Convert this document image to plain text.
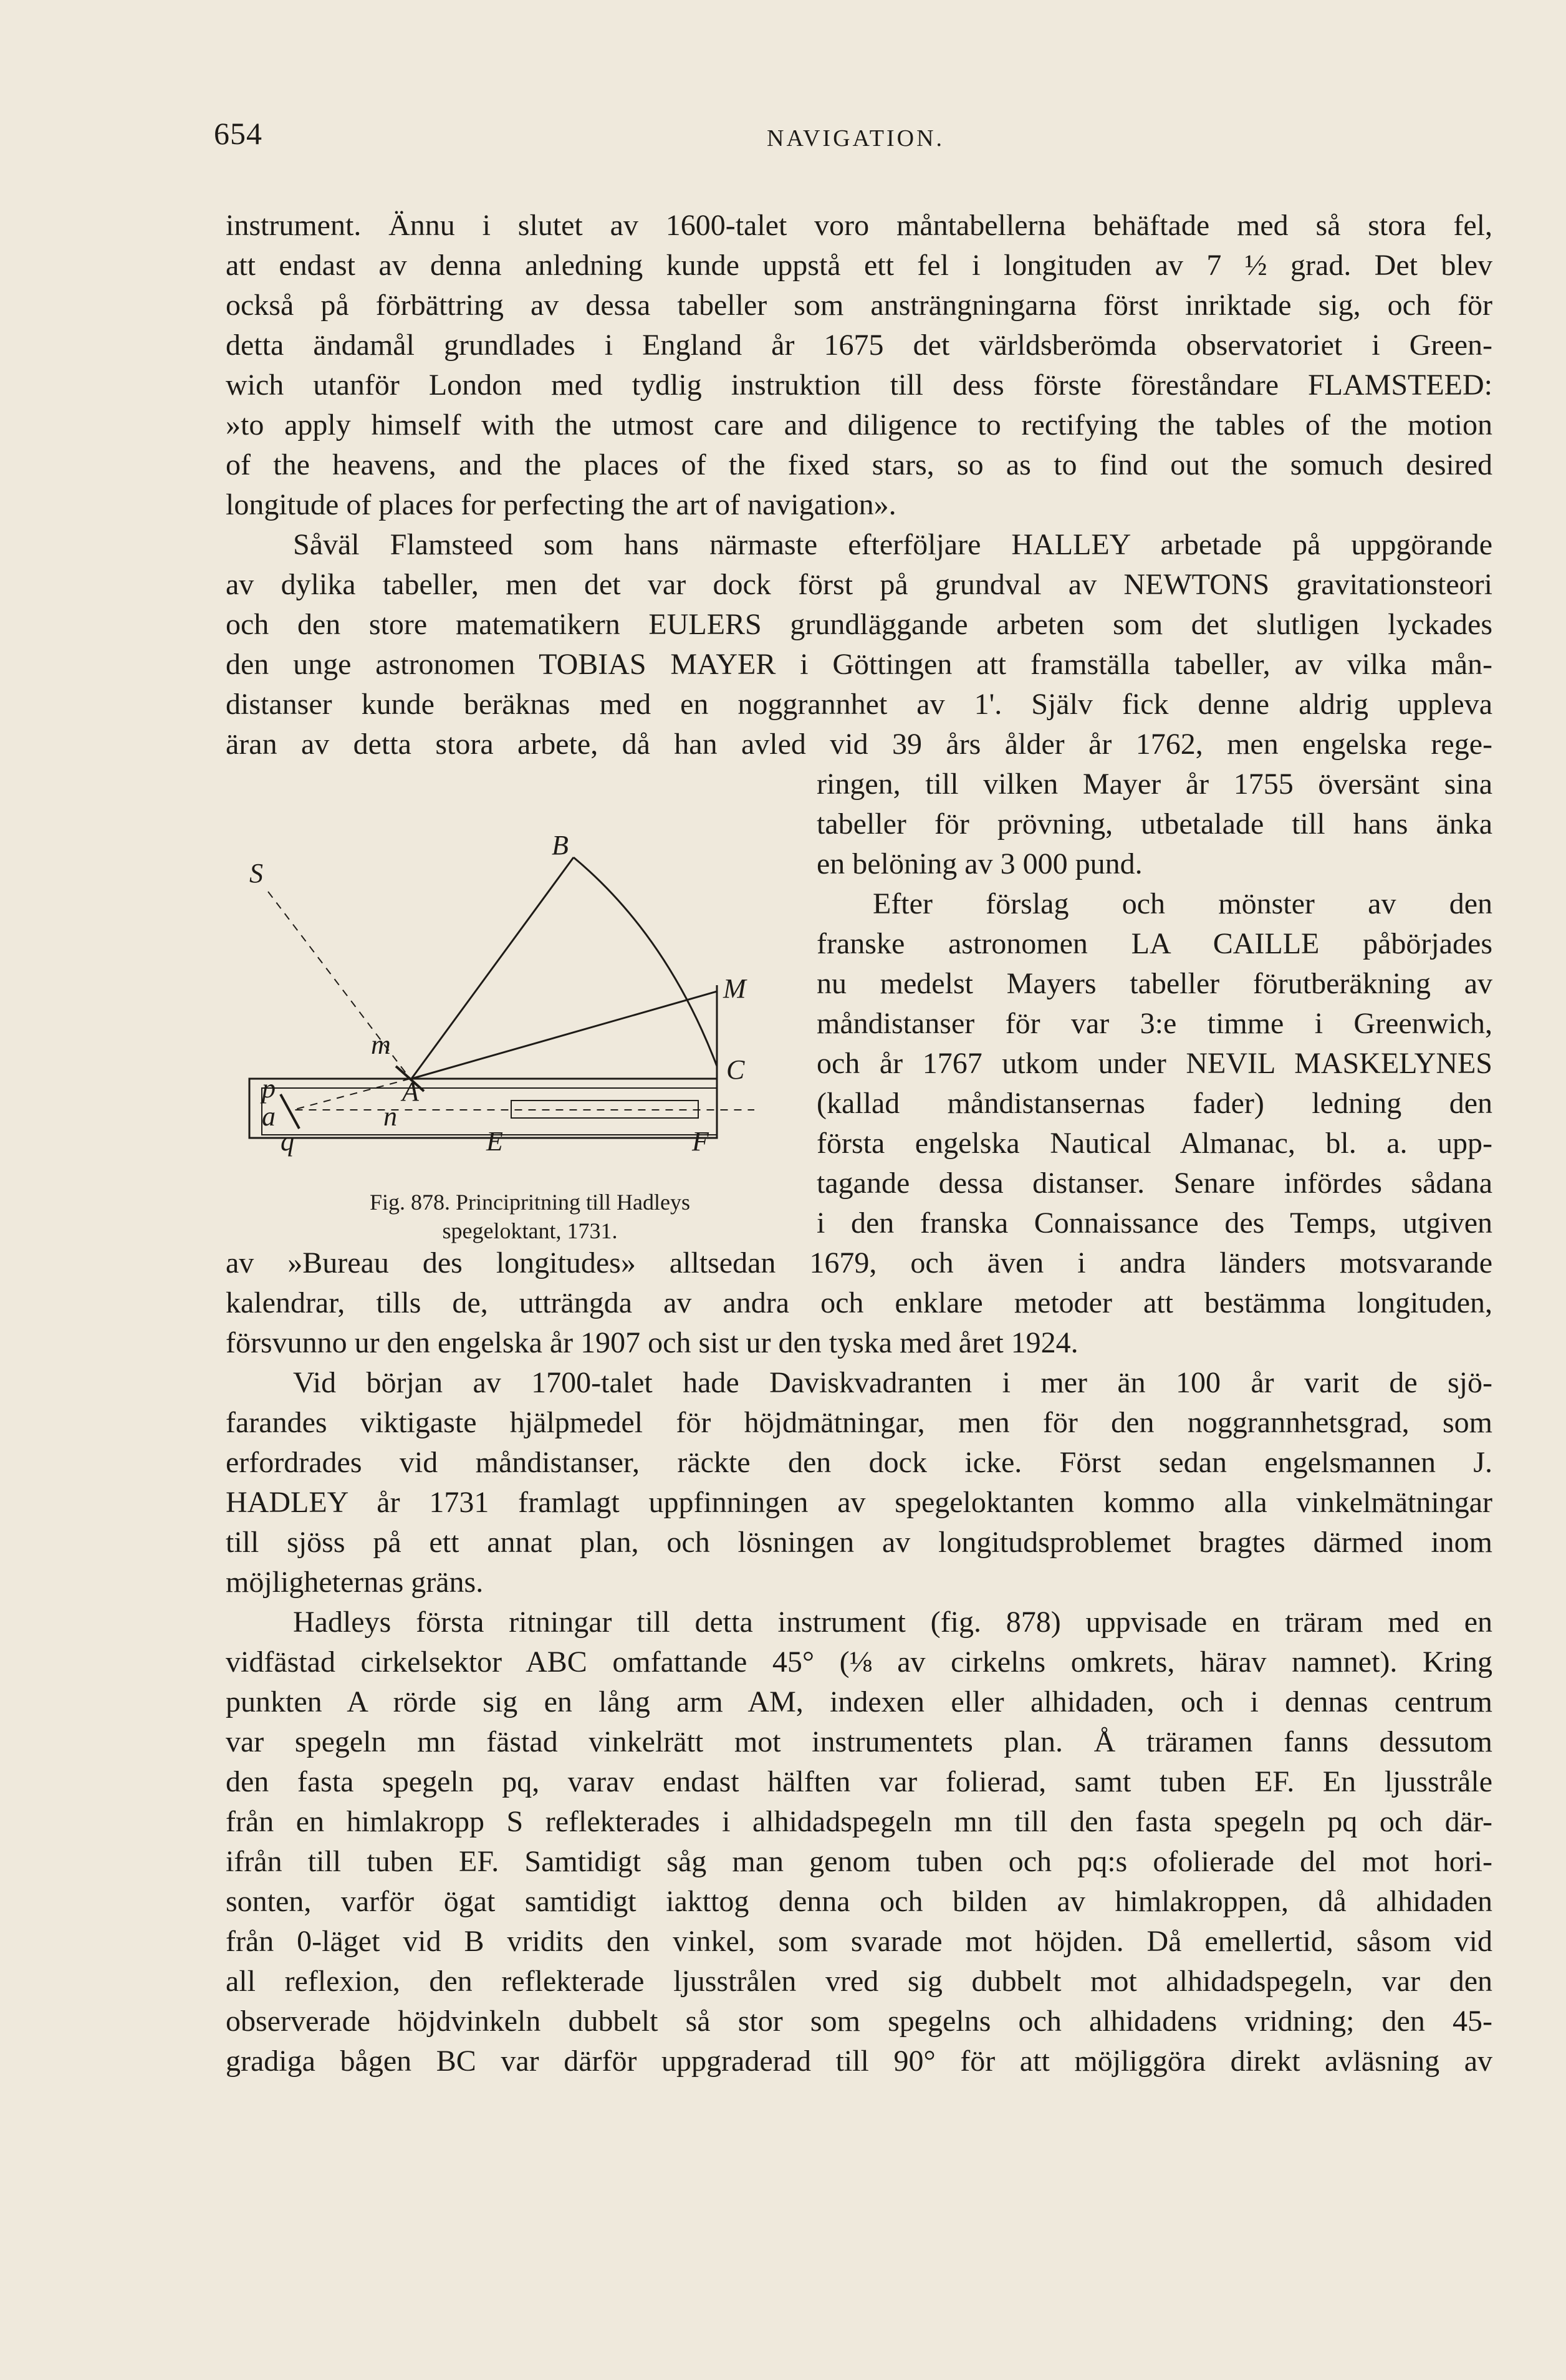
654	NAVIGATION.
instrument. Ännu i slutet av 1600-talet voro måntabellerna behäftade med så stora fel,
att endast av denna anledning kunde uppstå ett fel i longituden av 7 ½ grad. Det blev
också på förbättring av dessa tabeller som ansträngningarna först inriktade sig, och för
detta ändamål grundlades i England år 1675 det världsberömda observatoriet i Green-
wich utanför London med tydlig instruktion till dess förste föreståndare FLAMSTEED:
»to apply himself with the utmost care and diligence to rectifying the tables of the motion
of the heavens, and the places of the fixed stars, so as to find out the somuch desired
longitude of places for perfecting the art of navigation».
Såväl Flamsteed som hans närmaste efterföljare HALLEY arbetade på uppgörande
av dylika tabeller, men det var dock först på grundval av NEWTONS gravitationsteori
och den store matematikern EULERS grundläggande arbeten som det slutligen lyckades
den unge astronomen TOBIAS MAYER i Göttingen att framställa tabeller, av vilka mån-
distanser kunde beräknas med en noggrannhet av 1'. Själv fick denne aldrig uppleva
äran av detta stora arbete, då han avled vid 39 års ålder år 1762, men engelska rege-
ringen, till vilken Mayer år 1755 översänt sina
tabeller för prövning, utbetalade till hans änka
en belöning av 3 000 pund.
Efter förslag och mönster av den
franske astronomen LA CAILLE påbörjades
nu medelst Mayers tabeller förutberäkning av
måndistanser för var 3:e timme i Greenwich,
och år 1767 utkom under NEVIL MASKELYNES
(kallad måndistansernas fader) ledning den
första engelska Nautical Almanac, bl. a. upp-
tagande dessa distanser. Senare infördes sådana
i den franska Connaissance des Temps, utgiven
av »Bureau des longitudes» alltsedan 1679, och även i andra länders motsvarande
kalendrar, tills de, utträngda av andra och enklare metoder att bestämma longituden,
försvunno ur den engelska år 1907 och sist ur den tyska med året 1924.
Vid början av 1700-talet hade Daviskvadranten i mer än 100 år varit de sjö-
farandes viktigaste hjälpmedel för höjdmätningar, men för den noggrannhetsgrad, som
erfordrades vid måndistanser, räckte den dock icke. Först sedan engelsmannen J.
HADLEY år 1731 framlagt uppfinningen av spegeloktanten kommo alla vinkelmätningar
till sjöss på ett annat plan, och lösningen av longitudsproblemet bragtes därmed inom
möjligheternas gräns.
Hadleys första ritningar till detta instrument (fig. 878) uppvisade en träram med en
vidfästad cirkelsektor ABC omfattande 45° (⅛ av cirkelns omkrets, härav namnet). Kring
punkten A rörde sig en lång arm AM, indexen eller alhidaden, och i dennas centrum
var spegeln mn fästad vinkelrätt mot instrumentets plan. Å träramen fanns dessutom
den fasta spegeln pq, varav endast hälften var folierad, samt tuben EF. En ljusstråle
från en himlakropp S reflekterades i alhidadspegeln mn till den fasta spegeln pq och där-
ifrån till tuben EF. Samtidigt såg man genom tuben och pq:s ofolierade del mot hori-
sonten, varför ögat samtidigt iakttog denna och bilden av himlakroppen, då alhidaden
från 0-läget vid B vridits den vinkel, som svarade mot höjden. Då emellertid, såsom vid
all reflexion, den reflekterade ljusstrålen vred sig dubbelt mot alhidadspegeln, var den
observerade höjdvinkeln dubbelt så stor som spegelns och alhidadens vridning; den 45-
gradiga bågen BC var därför uppgraderad till 90° för att möjliggöra direkt avläsning av
S
B
M
m
C
p	A
a	n
q	E	F
Fig. 878. Principritning till Hadleys
spegeloktant, 1731.
